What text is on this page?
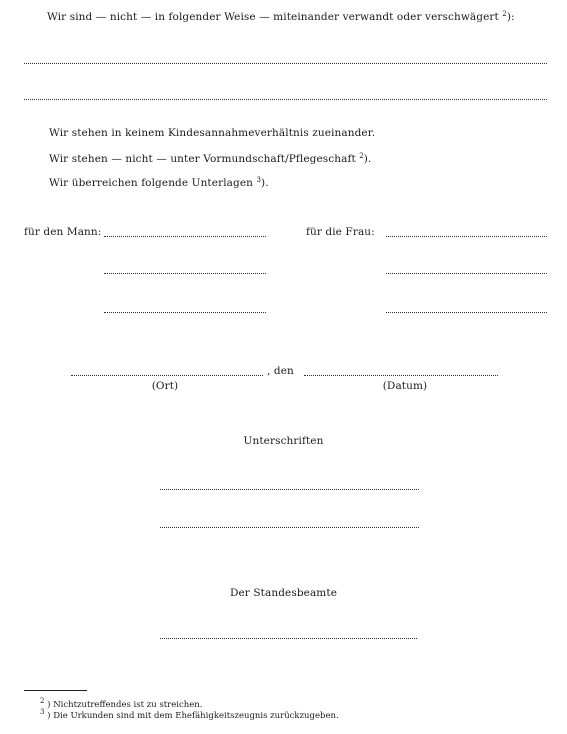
Wir sind — nicht — in folgender Weise — miteinander verwandt oder verschwägert $^2$):
Wir stehen in keinem Kindesannahmeverhältnis zueinander.
Wir stehen — nicht — unter Vormundschaft/Pflegeschaft $^2$).
Wir überreichen folgende Unterlagen $^3$).
für den Mann:	für die Frau:
, den
(Ort)	(Datum)
Unterschriften
Der Standesbeamte
$^2$ ) Nichtzutreffendes ist zu streichen.
$^3$ ) Die Urkunden sind mit dem Ehefähigkeitszeugnis zurückzugeben.
